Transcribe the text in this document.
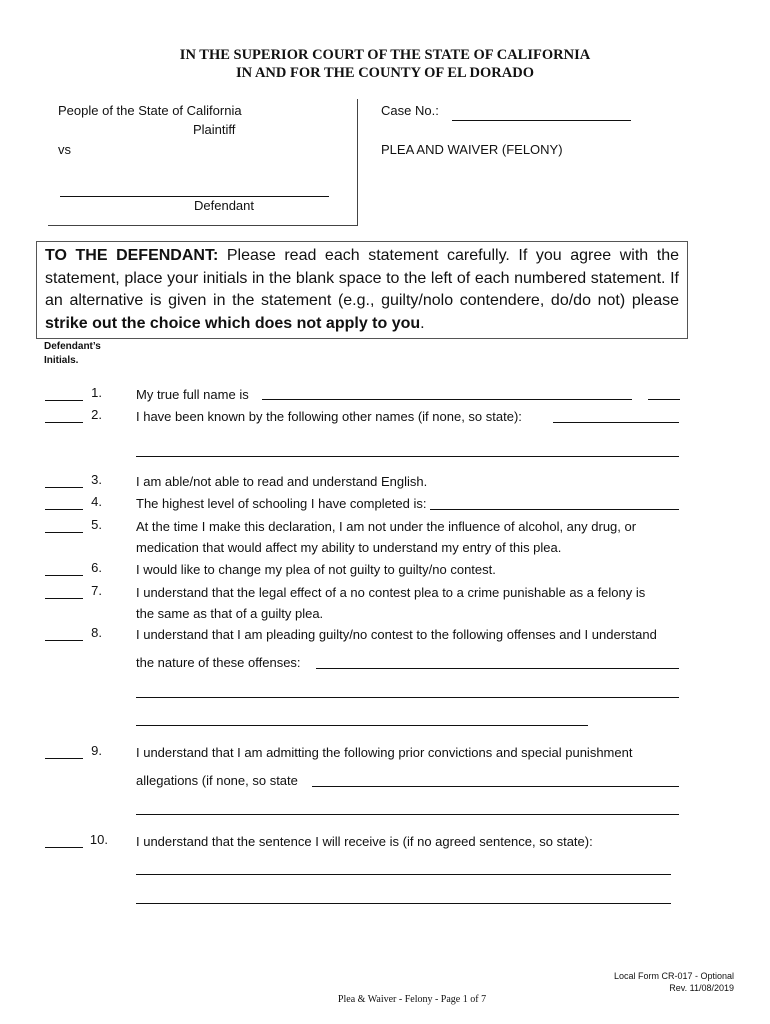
IN THE SUPERIOR COURT OF THE STATE OF CALIFORNIA
IN AND FOR THE COUNTY OF EL DORADO
People of the State of California
Plaintiff
vs
Defendant
Case No.:
PLEA AND WAIVER (FELONY)
TO THE DEFENDANT: Please read each statement carefully. If you agree with the statement, place your initials in the blank space to the left of each numbered statement. If an alternative is given in the statement (e.g., guilty/nolo contendere, do/do not) please strike out the choice which does not apply to you.
Defendant’s
Initials.
1.	My true full name is
2.	I have been known by the following other names (if none, so state):
3.	I am able/not able to read and understand English.
4.	The highest level of schooling I have completed is:
5.	At the time I make this declaration, I am not under the influence of alcohol, any drug, or
medication that would affect my ability to understand my entry of this plea.
6.	I would like to change my plea of not guilty to guilty/no contest.
7.	I understand that the legal effect of a no contest plea to a crime punishable as a felony is
the same as that of a guilty plea.
8.	I understand that I am pleading guilty/no contest to the following offenses and I understand
the nature of these offenses:
9.	I understand that I am admitting the following prior convictions and special punishment
allegations (if none, so state
10. I understand that the sentence I will receive is (if no agreed sentence, so state):
Local Form CR-017 - Optional
Rev. 11/08/2019
Plea & Waiver - Felony - Page 1 of 7
